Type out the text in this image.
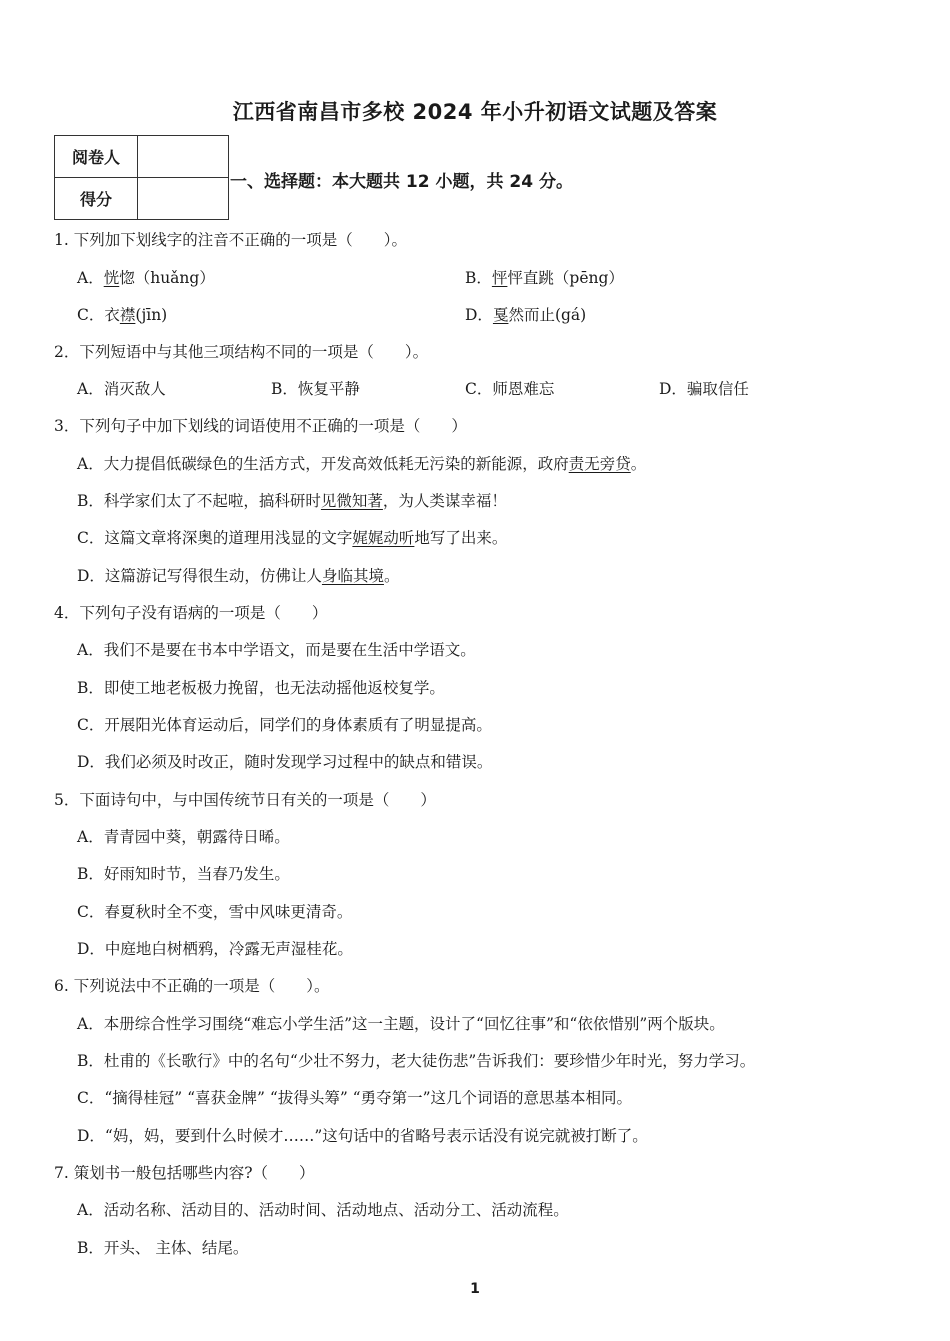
江西省南昌市多校 2024 年小升初语文试题及答案
阅卷人	
得分	
一、选择题：本大题共 12 小题，共 24 分。
1. 下列加下划线字的注音不正确的一项是（　　）。
A．恍惚（huǎng）	B．怦怦直跳（pēng）
C．衣襟(jīn)	D．戛然而止(gá)
2．下列短语中与其他三项结构不同的一项是（　　）。
A．消灭敌人	B．恢复平静	C．师恩难忘	D．骗取信任
3．下列句子中加下划线的词语使用不正确的一项是（　　）
A．大力提倡低碳绿色的生活方式，开发高效低耗无污染的新能源，政府责无旁贷。
B．科学家们太了不起啦，搞科研时见微知著，为人类谋幸福！
C．这篇文章将深奥的道理用浅显的文字娓娓动听地写了出来。
D．这篇游记写得很生动，仿佛让人身临其境。
4．下列句子没有语病的一项是（　　）
A．我们不是要在书本中学语文，而是要在生活中学语文。
B．即使工地老板极力挽留，也无法动摇他返校复学。
C．开展阳光体育运动后，同学们的身体素质有了明显提高。
D．我们必须及时改正，随时发现学习过程中的缺点和错误。
5．下面诗句中，与中国传统节日有关的一项是（　　）
A．青青园中葵，朝露待日晞。
B．好雨知时节，当春乃发生。
C．春夏秋时全不变，雪中风味更清奇。
D．中庭地白树栖鸦，冷露无声湿桂花。
6. 下列说法中不正确的一项是（　　）。
A．本册综合性学习围绕“难忘小学生活”这一主题，设计了“回忆往事”和“依依惜别”两个版块。
B．杜甫的《长歌行》中的名句“少壮不努力，老大徒伤悲”告诉我们：要珍惜少年时光，努力学习。
C．“摘得桂冠” “喜获金牌” “拔得头筹” “勇夺第一”这几个词语的意思基本相同。
D．“妈，妈，要到什么时候才……”这句话中的省略号表示话没有说完就被打断了。
7. 策划书一般包括哪些内容?（　　）
A．活动名称、活动目的、活动时间、活动地点、活动分工、活动流程。
B．开头、 主体、结尾。
1
